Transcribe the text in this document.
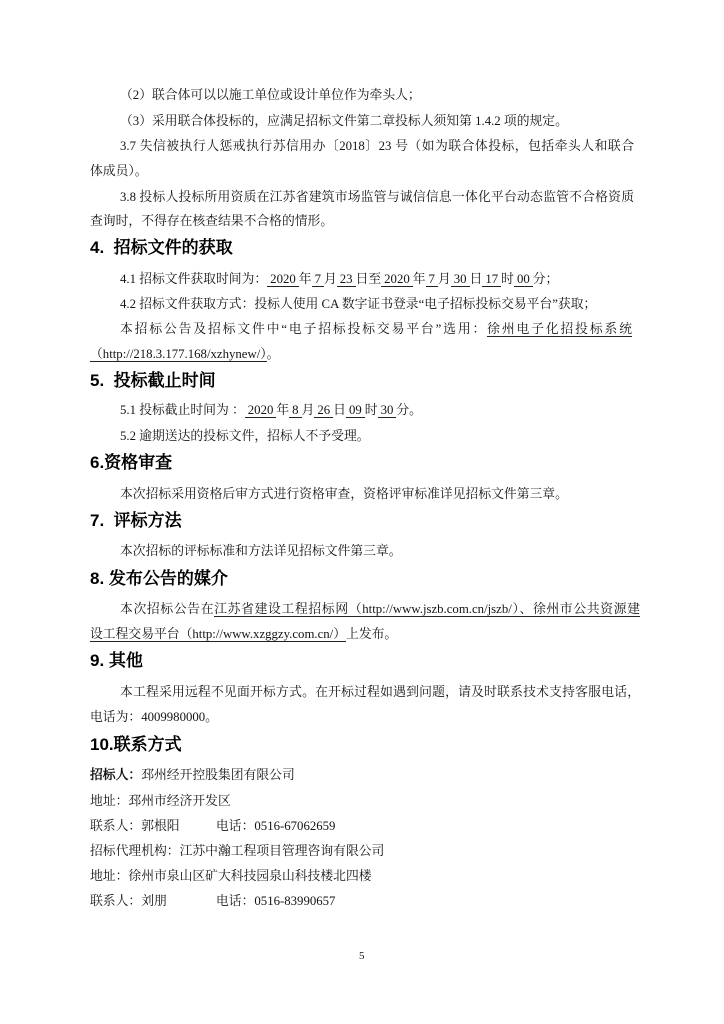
（2）联合体可以以施工单位或设计单位作为牵头人；
（3）采用联合体投标的，应满足招标文件第二章投标人须知第 1.4.2 项的规定。
3.7 失信被执行人惩戒执行苏信用办〔2018〕23 号（如为联合体投标，包括牵头人和联合
体成员）。
3.8 投标人投标所用资质在江苏省建筑市场监管与诚信信息一体化平台动态监管不合格资质
查询时，不得存在核查结果不合格的情形。
4.  招标文件的获取
4.1 招标文件获取时间为： 2020 年 7 月 23 日至 2020 年 7 月 30 日 17 时 00 分；
4.2 招标文件获取方式：投标人使用 CA 数字证书登录“电子招标投标交易平台”获取；
本招标公告及招标文件中“电子招标投标交易平台”选用：徐州电子化招投标系统
（http://218.3.177.168/xzhynew/）。
5.  投标截止时间
5.1 投标截止时间为 ： 2020 年 8 月 26 日 09 时 30 分。
5.2 逾期送达的投标文件，招标人不予受理。
6.资格审查
本次招标采用资格后审方式进行资格审查，资格评审标准详见招标文件第三章。
7.  评标方法
本次招标的评标标准和方法详见招标文件第三章。
8. 发布公告的媒介
本次招标公告在江苏省建设工程招标网（http://www.jszb.com.cn/jszb/）、徐州市公共资源建
设工程交易平台（http://www.xzggzy.com.cn/）上发布。
9. 其他
本工程采用远程不见面开标方式。在开标过程如遇到问题，请及时联系技术支持客服电话，
电话为：4009980000。
10.联系方式
招标人：邳州经开控股集团有限公司
地址：邳州市经济开发区
联系人：郭根阳	电话：0516-67062659
招标代理机构：江苏中瀚工程项目管理咨询有限公司
地址：徐州市泉山区矿大科技园泉山科技楼北四楼
联系人：刘朋	电话：0516-83990657
5
